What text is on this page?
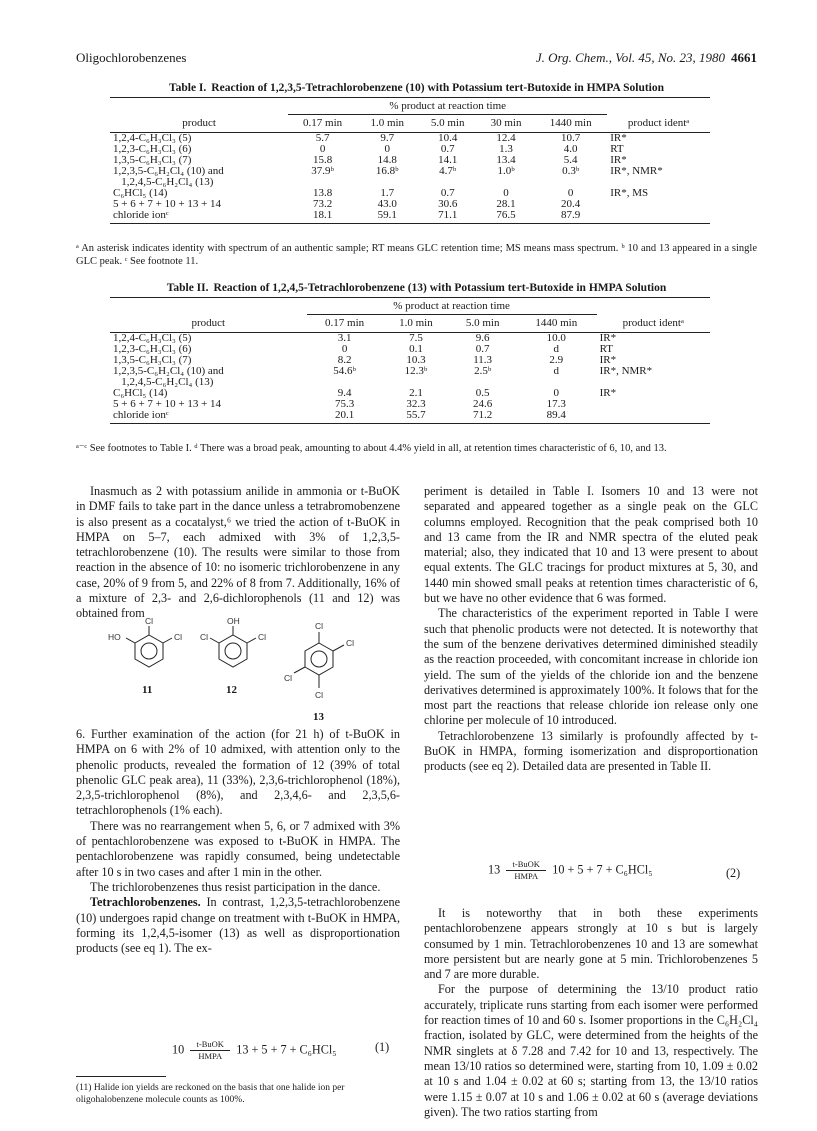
Oligochlorobenzenes	J. Org. Chem., Vol. 45, No. 23, 1980 4661
Table I. Reaction of 1,2,3,5-Tetrachlorobenzene (10) with Potassium tert-Butoxide in HMPA Solution

	% product at reaction time					
product	0.17 min	1.0 min	5.0 min	30 min	1440 min	product identᵃ
1,2,4-C₆H₃Cl₃ (5)	5.7	9.7	10.4	12.4	10.7	IR*
1,2,3-C₆H₃Cl₃ (6)	0	0	0.7	1.3	4.0	RT
1,3,5-C₆H₃Cl₃ (7)	15.8	14.8	14.1	13.4	5.4	IR*
1,2,3,5-C₆H₂Cl₄ (10) and	37.9ᵇ	16.8ᵇ	4.7ᵇ	1.0ᵇ	0.3ᵇ	IR*, NMR*
1,2,4,5-C₆H₂Cl₄ (13)						
C₆HCl₅ (14)	13.8	1.7	0.7	0	0	IR*, MS
5 + 6 + 7 + 10 + 13 + 14	73.2	43.0	30.6	28.1	20.4	
chloride ionᶜ	18.1	59.1	71.1	76.5	87.9	
ᵃ An asterisk indicates identity with spectrum of an authentic sample; RT means GLC retention time; MS means mass spectrum. ᵇ 10 and 13 appeared in a single GLC peak. ᶜ See footnote 11.
Table II. Reaction of 1,2,4,5-Tetrachlorobenzene (13) with Potassium tert-Butoxide in HMPA Solution

	% product at reaction time				
product	0.17 min	1.0 min	5.0 min	1440 min	product identᵃ
1,2,4-C₆H₃Cl₃ (5)	3.1	7.5	9.6	10.0	IR*
1,2,3-C₆H₃Cl₃ (6)	0	0.1	0.7	d	RT
1,3,5-C₆H₃Cl₃ (7)	8.2	10.3	11.3	2.9	IR*
1,2,3,5-C₆H₂Cl₄ (10) and	54.6ᵇ	12.3ᵇ	2.5ᵇ	d	IR*, NMR*
1,2,4,5-C₆H₂Cl₄ (13)					
C₆HCl₅ (14)	9.4	2.1	0.5	0	IR*
5 + 6 + 7 + 10 + 13 + 14	75.3	32.3	24.6	17.3	
chloride ionᶜ	20.1	55.7	71.2	89.4	
ᵃ⁻ᶜ See footnotes to Table I. ᵈ There was a broad peak, amounting to about 4.4% yield in all, at retention times characteristic of 6, 10, and 13.

Inasmuch as 2 with potassium anilide in ammonia or t-BuOK in DMF fails to take part in the dance unless a tetrabromobenzene is also present as a cocatalyst,⁶ we tried the action of t-BuOK in HMPA on 5–7, each admixed with 3% of 1,2,3,5-tetrachlorobenzene (10). The results were similar to those from reaction in the absence of 10: no isomeric trichlorobenzene in any case, 20% of 9 from 5, and 22% of 8 from 7. Additionally, 16% of a mixture of 2,3- and 2,6-dichlorophenols (11 and 12) was obtained from

Cl
Cl
HO
OH
Cl
Cl
Cl
Cl
Cl
Cl
11	12
13

6. Further examination of the action (for 21 h) of t-BuOK in HMPA on 6 with 2% of 10 admixed, with attention only to the phenolic products, revealed the formation of 12 (39% of total phenolic GLC peak area), 11 (33%), 2,3,6-trichlorophenol (18%), 2,3,5-trichlorophenol (8%), and 2,3,4,6- and 2,3,5,6-tetrachlorophenols (1% each).

There was no rearrangement when 5, 6, or 7 admixed with 3% of pentachlorobenzene was exposed to t-BuOK in HMPA. The pentachlorobenzene was rapidly consumed, being undetectable after 10 s in two cases and after 1 min in the other.

The trichlorobenzenes thus resist participation in the dance.

Tetrachlorobenzenes. In contrast, 1,2,3,5-tetrachlorobenzene (10) undergoes rapid change on treatment with t-BuOK in HMPA, forming its 1,2,4,5-isomer (13) as well as disproportionation products (see eq 1). The ex-

10 t-BuOK
HMPA 13 + 5 + 7 + C₆HCl₅	(1)
(11) Halide ion yields are reckoned on the basis that one halide ion per oligohalobenzene molecule counts as 100%.

periment is detailed in Table I. Isomers 10 and 13 were not separated and appeared together as a single peak on the GLC columns employed. Recognition that the peak comprised both 10 and 13 came from the IR and NMR spectra of the eluted peak material; also, they indicated that 10 and 13 were present to about equal extents. The GLC tracings for product mixtures at 5, 30, and 1440 min showed small peaks at retention times characteristic of 6, but we have no other evidence that 6 was formed.

The characteristics of the experiment reported in Table I were such that phenolic products were not detected. It is noteworthy that the sum of the benzene derivatives determined diminished steadily as the reaction proceeded, with concomitant increase in chloride ion yield. The sum of the yields of the chloride ion and the benzene derivatives determined is approximately 100%. It folows that for the most part the reactions that release chloride ion release only one chlorine per molecule of 10 introduced.

Tetrachlorobenzene 13 similarly is profoundly affected by t-BuOK in HMPA, forming isomerization and disproportionation products (see eq 2). Detailed data are presented in Table II.

13 t-BuOK
HMPA 10 + 5 + 7 + C₆HCl₅	(2)

It is noteworthy that in both these experiments pentachlorobenzene appears strongly at 10 s but is largely consumed by 1 min. Tetrachlorobenzenes 10 and 13 are somewhat more persistent but are nearly gone at 5 min. Trichlorobenzenes 5 and 7 are more durable.

For the purpose of determining the 13/10 product ratio accurately, triplicate runs starting from each isomer were performed for reaction times of 10 and 60 s. Isomer proportions in the C₆H₂Cl₄ fraction, isolated by GLC, were determined from the heights of the NMR singlets at δ 7.28 and 7.42 for 10 and 13, respectively. The mean 13/10 ratios so determined were, starting from 10, 1.09 ± 0.02 at 10 s and 1.04 ± 0.02 at 60 s; starting from 13, the 13/10 ratios were 1.15 ± 0.07 at 10 s and 1.06 ± 0.02 at 60 s (average deviations given). The two ratios starting from
